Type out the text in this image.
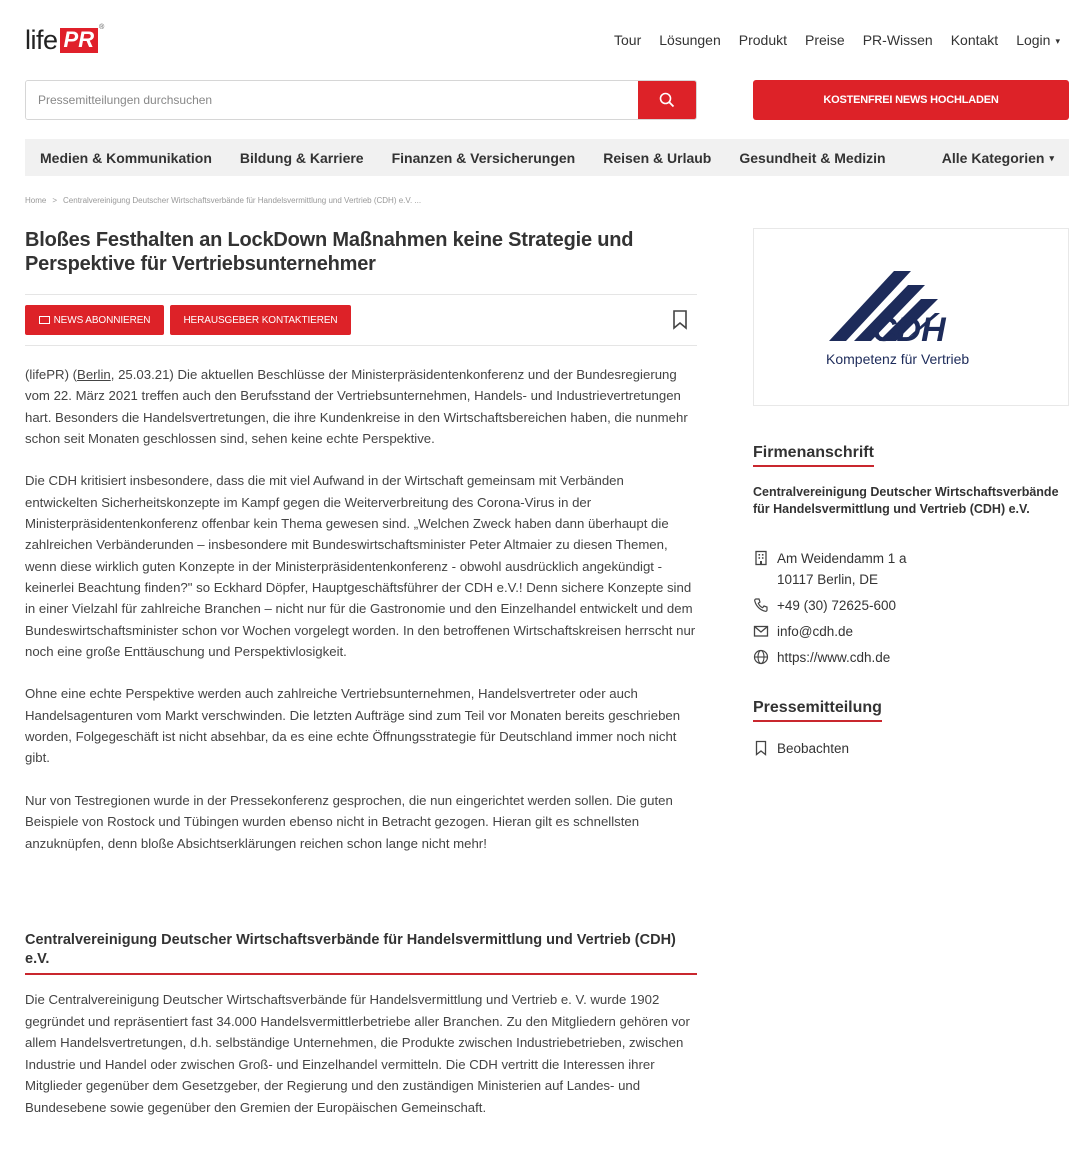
life PR ®
Tour Lösungen Produkt Preise PR-Wissen Kontakt Login ▾
Pressemitteilungen durchsuchen
KOSTENFREI NEWS HOCHLADEN
Medien & Kommunikation Bildung & Karriere Finanzen & Versicherungen Reisen & Urlaub Gesundheit & Medizin	Alle Kategorien ▾
Home > Centralvereinigung Deutscher Wirtschaftsverbände für Handelsvermittlung und Vertrieb (CDH) e.V. ...
Bloßes Festhalten an LockDown Maßnahmen keine Strategie und Perspektive für Vertriebsunternehmer
NEWS ABONNIEREN	HERAUSGEBER KONTAKTIEREN

(lifePR) (Berlin, 25.03.21) Die aktuellen Beschlüsse der Ministerpräsidentenkonferenz und der Bundesregierung vom 22. März 2021 treffen auch den Berufsstand der Vertriebsunternehmen, Handels- und Industrievertretungen hart. Besonders die Handelsvertretungen, die ihre Kundenkreise in den Wirtschaftsbereichen haben, die nunmehr schon seit Monaten geschlossen sind, sehen keine echte Perspektive.

Die CDH kritisiert insbesondere, dass die mit viel Aufwand in der Wirtschaft gemeinsam mit Verbänden entwickelten Sicherheitskonzepte im Kampf gegen die Weiterverbreitung des Corona-Virus in der Ministerpräsidentenkonferenz offenbar kein Thema gewesen sind. „Welchen Zweck haben dann überhaupt die zahlreichen Verbänderunden – insbesondere mit Bundeswirtschaftsminister Peter Altmaier zu diesen Themen, wenn diese wirklich guten Konzepte in der Ministerpräsidentenkonferenz - obwohl ausdrücklich angekündigt - keinerlei Beachtung finden?" so Eckhard Döpfer, Hauptgeschäftsführer der CDH e.V.! Denn sichere Konzepte sind in einer Vielzahl für zahlreiche Branchen – nicht nur für die Gastronomie und den Einzelhandel entwickelt und dem Bundeswirtschaftsminister schon vor Wochen vorgelegt worden. In den betroffenen Wirtschaftskreisen herrscht nur noch eine große Enttäuschung und Perspektivlosigkeit.

Ohne eine echte Perspektive werden auch zahlreiche Vertriebsunternehmen, Handelsvertreter oder auch Handelsagenturen vom Markt verschwinden. Die letzten Aufträge sind zum Teil vor Monaten bereits geschrieben worden, Folgegeschäft ist nicht absehbar, da es eine echte Öffnungsstrategie für Deutschland immer noch nicht gibt.

Nur von Testregionen wurde in der Pressekonferenz gesprochen, die nun eingerichtet werden sollen. Die guten Beispiele von Rostock und Tübingen wurden ebenso nicht in Betracht gezogen. Hieran gilt es schnellsten anzuknüpfen, denn bloße Absichtserklärungen reichen schon lange nicht mehr!

Centralvereinigung Deutscher Wirtschaftsverbände für Handelsvermittlung und Vertrieb (CDH) e.V.
Die Centralvereinigung Deutscher Wirtschaftsverbände für Handelsvermittlung und Vertrieb e. V. wurde 1902 gegründet und repräsentiert fast 34.000 Handelsvermittlerbetriebe aller Branchen. Zu den Mitgliedern gehören vor allem Handelsvertretungen, d.h. selbständige Unternehmen, die Produkte zwischen Industriebetrieben, zwischen Industrie und Handel oder zwischen Groß- und Einzelhandel vermitteln. Die CDH vertritt die Interessen ihrer Mitglieder gegenüber dem Gesetzgeber, der Regierung und den zuständigen Ministerien auf Landes- und Bundesebene sowie gegenüber den Gremien der Europäischen Gemeinschaft.
CDH
Kompetenz für Vertrieb
Firmenanschrift
Centralvereinigung Deutscher Wirtschaftsverbände für Handelsvermittlung und Vertrieb (CDH) e.V.
Am Weidendamm 1 a
10117 Berlin, DE
+49 (30) 72625-600
info@cdh.de
https://www.cdh.de
Pressemitteilung
Beobachten
